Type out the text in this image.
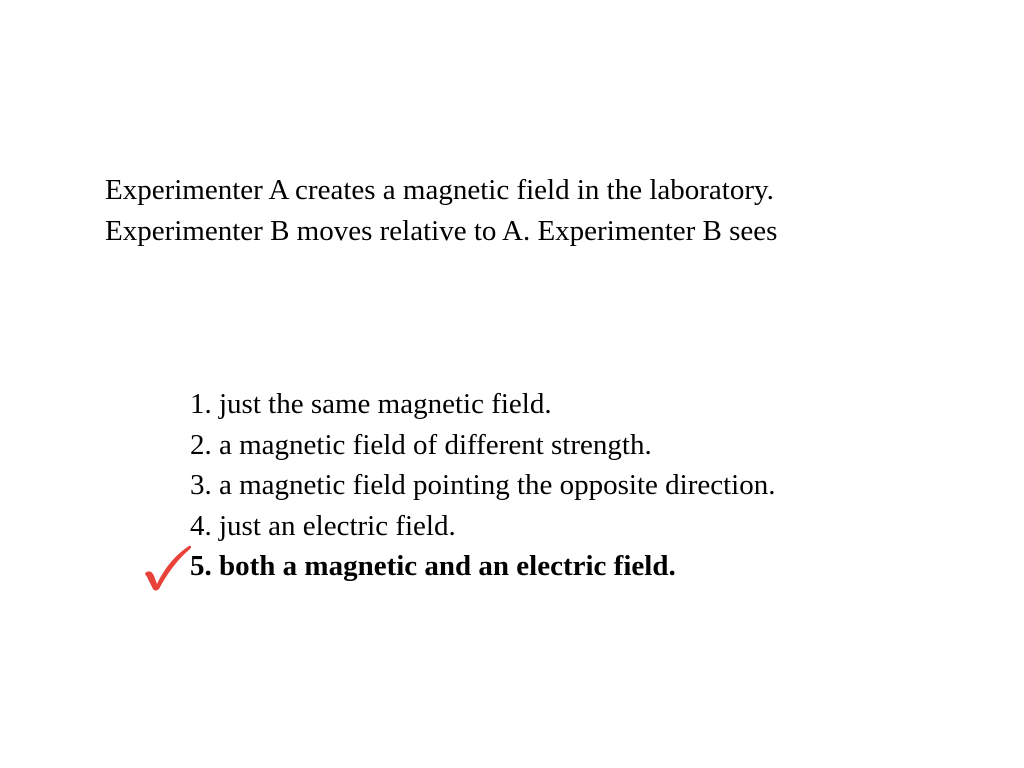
Experimenter A creates a magnetic field in the laboratory.
Experimenter B moves relative to A. Experimenter B sees
1. just the same magnetic field.
2. a magnetic field of different strength.
3. a magnetic field pointing the opposite direction.
4. just an electric field.
5. both a magnetic and an electric field.
